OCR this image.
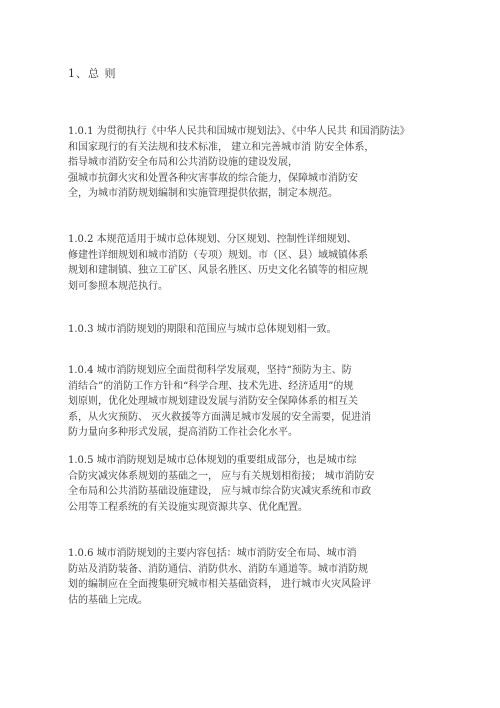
1、总 则

1.0.1 为贯彻执行《中华人民共和国城市规划法》、《中华人民共 和国消防法》
和国家现行的有关法规和技术标准， 建立和完善城市消 防安全体系，
指导城市消防安全布局和公共消防设施的建设发展，
强城市抗御火灾和处置各种灾害事故的综合能力，保障城市消防安
全，为城市消防规划编制和实施管理提供依据，制定本规范。

1.0.2 本规范适用于城市总体规划、分区规划、控制性详细规划、
修建性详细规划和城市消防（专项）规划。市（区、县）域城镇体系
规划和建制镇、独立工矿区、风景名胜区、历史文化名镇等的相应规
划可参照本规范执行。

1.0.3 城市消防规划的期限和范围应与城市总体规划相一致。

1.0.4 城市消防规划应全面贯彻科学发展观，坚持“预防为主、防
消结合”的消防工作方针和“科学合理、技术先进、经济适用”的规
划原则，优化处理城市规划建设发展与消防安全保障体系的相互关
系，从火灾预防、 灭火救援等方面满足城市发展的安全需要，促进消
防力量向多种形式发展，提高消防工作社会化水平。

1.0.5 城市消防规划是城市总体规划的重要组成部分，也是城市综
合防灾减灾体系规划的基础之一， 应与有关规划相衔接； 城市消防安
全布局和公共消防基础设施建设， 应与城市综合防灾减灾系统和市政
公用等工程系统的有关设施实现资源共享、优化配置。

1.0.6 城市消防规划的主要内容包括：城市消防安全布局、城市消
防站及消防装备、消防通信、消防供水、消防车通道等。城市消防规
划的编制应在全面搜集研究城市相关基础资料， 进行城市火灾风险评
估的基础上完成。
